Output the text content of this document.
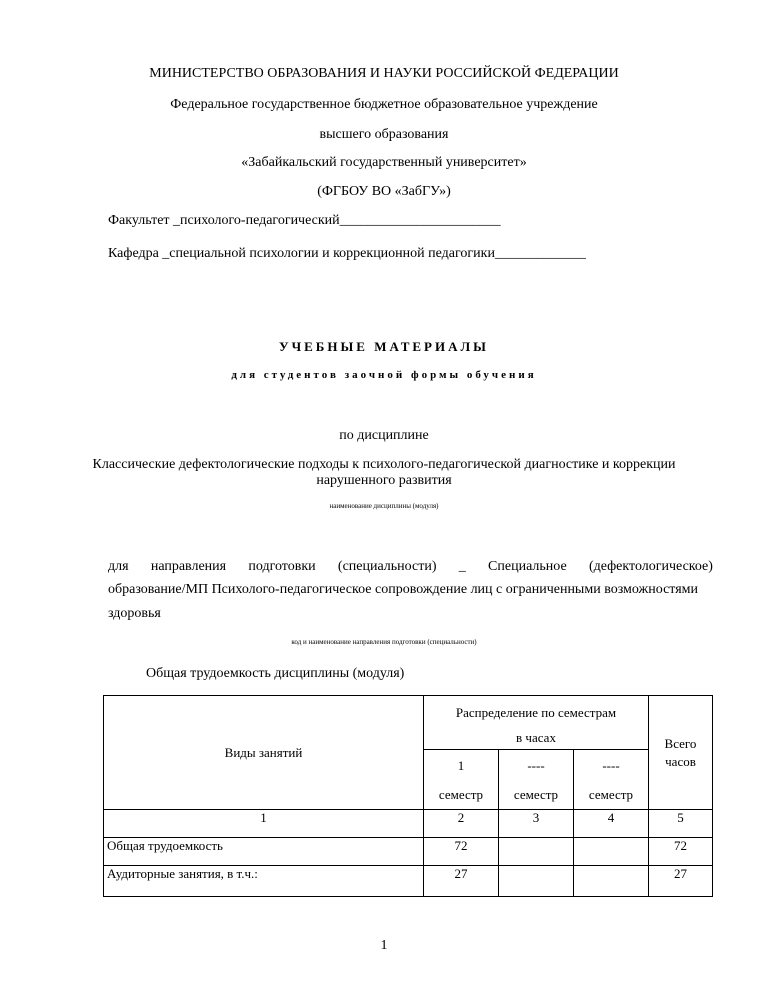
МИНИСТЕРСТВО ОБРАЗОВАНИЯ И НАУКИ РОССИЙСКОЙ ФЕДЕРАЦИИ
Федеральное государственное бюджетное образовательное учреждение
высшего образования
«Забайкальский государственный университет»
(ФГБОУ ВО «ЗабГУ»)
Факультет _психолого-педагогический_______________________
Кафедра _специальной психологии и коррекционной педагогики_____________
УЧЕБНЫЕ МАТЕРИАЛЫ
для студентов заочной формы обучения
по дисциплине
Классические дефектологические подходы к психолого-педагогической диагностике и коррекции
нарушенного развития
наименование дисциплины (модуля)
для направления подготовки (специальности) _ Специальное (дефектологическое)
образование/МП Психолого-педагогическое сопровождение лиц с ограниченными возможностями
здоровья
код и наименование направления подготовки (специальности)
Общая трудоемкость дисциплины (модуля)
Виды занятий	Распределение по семестрам			Всего
часов

	в часах			
	1	----	----	
	семестр	семестр	семестр	
1	2	3	4	5
Общая трудоемкость	72			72
Аудиторные занятия, в т.ч.:	27			27
1
